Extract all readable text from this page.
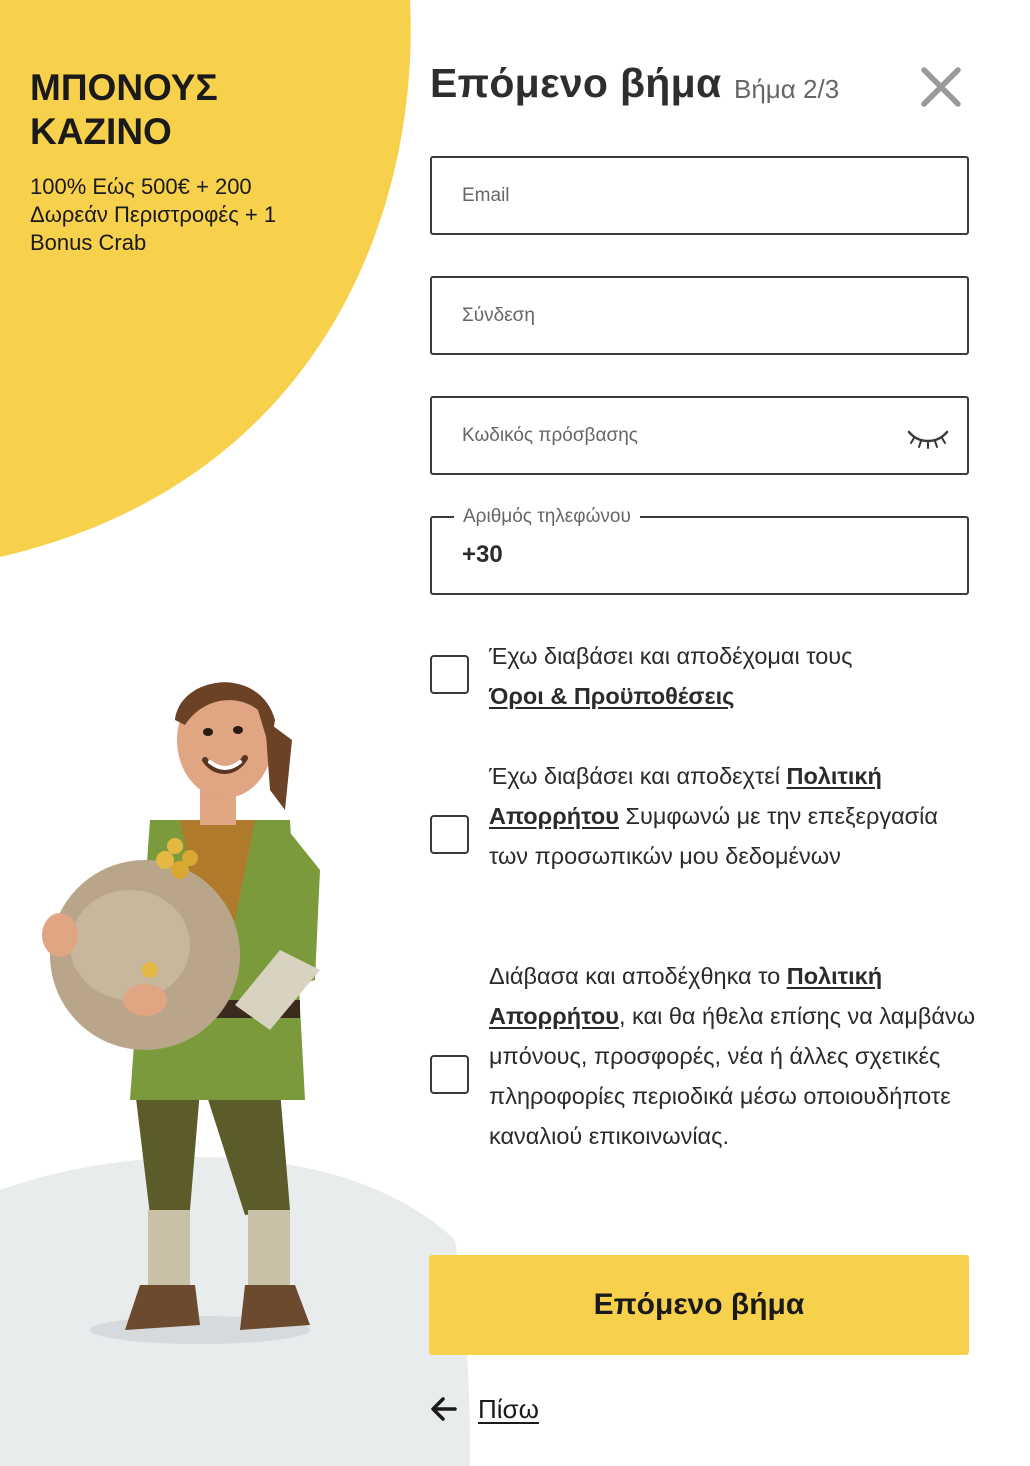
ΜΠΟΝΟΥΣ ΚΑΖΙΝΟ
100% Εώς 500€ + 200 Δωρεάν Περιστροφές + 1 Bonus Crab
Επόμενο βήμα Βήμα 2/3
Email
Σύνδεση
Αριθμός τηλεφώνου
+30
Έχω διαβάσει και αποδέχομαι τους
Όροι & Προϋποθέσεις
Έχω διαβάσει και αποδεχτεί Πολιτική Απορρήτου Συμφωνώ με την επεξεργασία των προσωπικών μου δεδομένων
Διάβασα και αποδέχθηκα το Πολιτική Απορρήτου, και θα ήθελα επίσης να λαμβάνω μπόνους, προσφορές, νέα ή άλλες σχετικές πληροφορίες περιοδικά μέσω οποιουδήποτε καναλιού επικοινωνίας.
Επόμενο βήμα
Πίσω
